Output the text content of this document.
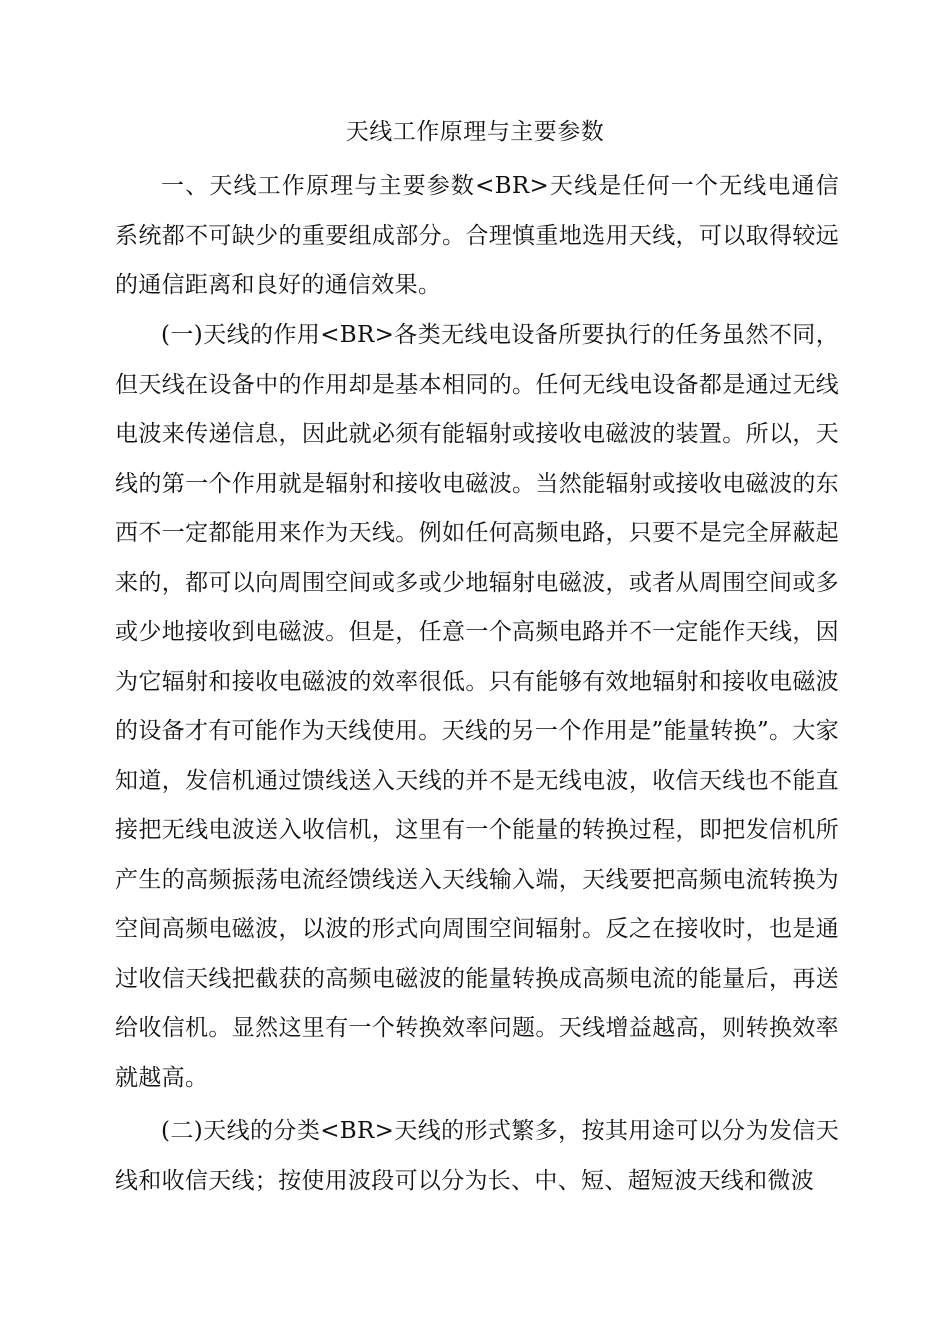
天线工作原理与主要参数

一、天线工作原理与主要参数<BR>天线是任何一个无线电通信系统都不可缺少的重要组成部分。合理慎重地选用天线，可以取得较远的通信距离和良好的通信效果。

(一)天线的作用<BR>各类无线电设备所要执行的任务虽然不同，但天线在设备中的作用却是基本相同的。任何无线电设备都是通过无线电波来传递信息，因此就必须有能辐射或接收电磁波的装置。所以，天线的第一个作用就是辐射和接收电磁波。当然能辐射或接收电磁波的东西不一定都能用来作为天线。例如任何高频电路，只要不是完全屏蔽起来的，都可以向周围空间或多或少地辐射电磁波，或者从周围空间或多或少地接收到电磁波。但是，任意一个高频电路并不一定能作天线，因为它辐射和接收电磁波的效率很低。只有能够有效地辐射和接收电磁波的设备才有可能作为天线使用。天线的另一个作用是”能量转换”。大家知道，发信机通过馈线送入天线的并不是无线电波，收信天线也不能直接把无线电波送入收信机，这里有一个能量的转换过程，即把发信机所产生的高频振荡电流经馈线送入天线输入端，天线要把高频电流转换为空间高频电磁波，以波的形式向周围空间辐射。反之在接收时，也是通过收信天线把截获的高频电磁波的能量转换成高频电流的能量后，再送给收信机。显然这里有一个转换效率问题。天线增益越高，则转换效率就越高。

(二)天线的分类<BR>天线的形式繁多，按其用途可以分为发信天线和收信天线；按使用波段可以分为长、中、短、超短波天线和微波
